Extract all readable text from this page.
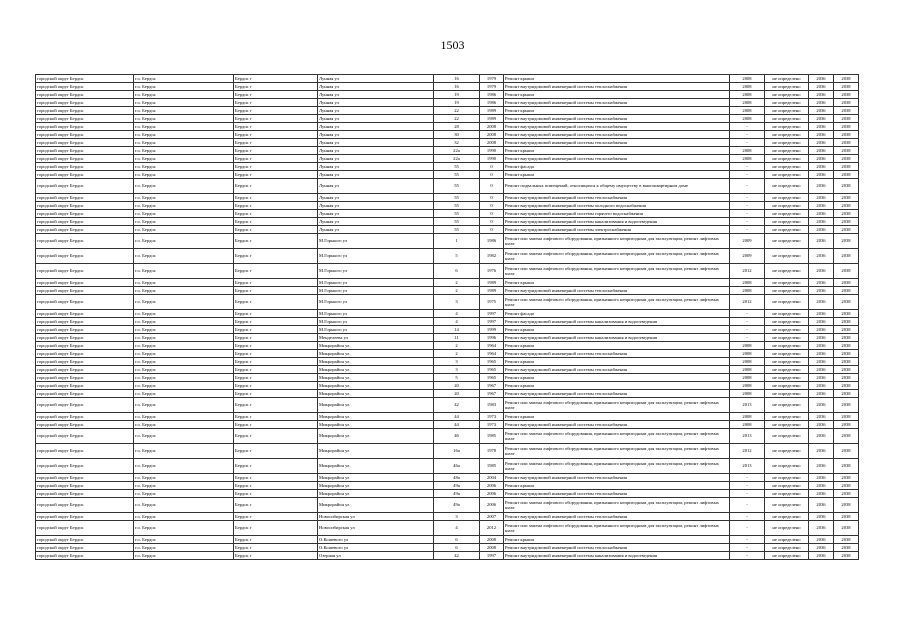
1503
городской округ Бердск	г.о. Бердск	Бердск г	Лунная ул	16	1979	Ремонт крыши	2008	не определено	2036	2038
городской округ Бердск	г.о. Бердск	Бердск г	Лунная ул	16	1979	Ремонт внутридомовой инженерной системы теплоснабжения	2008	не определено	2036	2038
городской округ Бердск	г.о. Бердск	Бердск г	Лунная ул	19	1986	Ремонт крыши	2008	не определено	2036	2038
городской округ Бердск	г.о. Бердск	Бердск г	Лунная ул	19	1986	Ремонт внутридомовой инженерной системы теплоснабжения	2008	не определено	2036	2038
городской округ Бердск	г.о. Бердск	Бердск г	Лунная ул	22	1989	Ремонт крыши	2008	не определено	2036	2038
городской округ Бердск	г.о. Бердск	Бердск г	Лунная ул	22	1989	Ремонт внутридомовой инженерной системы теплоснабжения	2008	не определено	2036	2038
городской округ Бердск	г.о. Бердск	Бердск г	Лунная ул	28	2008	Ремонт внутридомовой инженерной системы теплоснабжения	-	не определено	2036	2038
городской округ Бердск	г.о. Бердск	Бердск г	Лунная ул	30	2008	Ремонт внутридомовой инженерной системы теплоснабжения	-	не определено	2036	2038
городской округ Бердск	г.о. Бердск	Бердск г	Лунная ул	32	2008	Ремонт внутридомовой инженерной системы теплоснабжения	-	не определено	2036	2038
городской округ Бердск	г.о. Бердск	Бердск г	Лунная ул	22а	1990	Ремонт крыши	2008	не определено	2036	2038
городской округ Бердск	г.о. Бердск	Бердск г	Лунная ул	22а	1990	Ремонт внутридомовой инженерной системы теплоснабжения	2008	не определено	2036	2038
городской округ Бердск	г.о. Бердск	Бердск г	Лунная ул	55	0	Ремонт фасада	-	не определено	2036	2038
городской округ Бердск	г.о. Бердск	Бердск г	Лунная ул	55	0	Ремонт крыши	-	не определено	2036	2038
городской округ Бердск	г.о. Бердск	Бердск г	Лунная ул	55	0	Ремонт подвальных помещений, относящихся к общему имуществу в многоквартирном доме	-	не определено	2036	2038
городской округ Бердск	г.о. Бердск	Бердск г	Лунная ул	55	0	Ремонт внутридомовой инженерной системы теплоснабжения	-	не определено	2036	2038
городской округ Бердск	г.о. Бердск	Бердск г	Лунная ул	55	0	Ремонт внутридомовой инженерной системы холодного водоснабжения	-	не определено	2036	2038
городской округ Бердск	г.о. Бердск	Бердск г	Лунная ул	55	0	Ремонт внутридомовой инженерной системы горячего водоснабжения	-	не определено	2036	2038
городской округ Бердск	г.о. Бердск	Бердск г	Лунная ул	55	0	Ремонт внутридомовой инженерной системы канализования и водоотведения	-	не определено	2036	2038
городской округ Бердск	г.о. Бердск	Бердск г	Лунная ул	55	0	Ремонт внутридомовой инженерной системы электроснабжения	-	не определено	2036	2038
городской округ Бердск	г.о. Бердск	Бердск г	М.Горького ул	1	1986	Ремонт или замена лифтового оборудования, признанного непригодным для эксплуатации, ремонт лифтовых шахт	2009	не определено	2036	2038
городской округ Бердск	г.о. Бердск	Бердск г	М.Горького ул	5	1982	Ремонт или замена лифтового оборудования, признанного непригодным для эксплуатации, ремонт лифтовых шахт	2009	не определено	2036	2038
городской округ Бердск	г.о. Бердск	Бердск г	М.Горького ул	6	1976	Ремонт или замена лифтового оборудования, признанного непригодным для эксплуатации, ремонт лифтовых шахт	2012	не определено	2036	2038
городской округ Бердск	г.о. Бердск	Бердск г	М.Горького ул	2	1989	Ремонт крыши	2008	не определено	2036	2038
городской округ Бердск	г.о. Бердск	Бердск г	М.Горького ул	2	1989	Ремонт внутридомовой инженерной системы теплоснабжения	2008	не определено	2036	2038
городской округ Бердск	г.о. Бердск	Бердск г	М.Горького ул	3	1975	Ремонт или замена лифтового оборудования, признанного непригодным для эксплуатации, ремонт лифтовых шахт	2012	не определено	2036	2038
городской округ Бердск	г.о. Бердск	Бердск г	М.Горького ул	4	1997	Ремонт фасада	-	не определено	2036	2038
городской округ Бердск	г.о. Бердск	Бердск г	М.Горького ул	4	1997	Ремонт внутридомовой инженерной системы канализования и водоотведения	-	не определено	2036	2038
городской округ Бердск	г.о. Бердск	Бердск г	М.Горького ул	14	1999	Ремонт крыши	-	не определено	2036	2038
городской округ Бердск	г.о. Бердск	Бердск г	Менделеева ул	11	1996	Ремонт внутридомовой инженерной системы канализования и водоотведения	-	не определено	2036	2038
городской округ Бердск	г.о. Бердск	Бердск г	Микрорайон ул	2	1964	Ремонт крыши	2008	не определено	2036	2038
городской округ Бердск	г.о. Бердск	Бердск г	Микрорайон ул	2	1964	Ремонт внутридомовой инженерной системы теплоснабжения	2008	не определено	2036	2038
городской округ Бердск	г.о. Бердск	Бердск г	Микрорайон ул	3	1965	Ремонт крыши	2008	не определено	2036	2038
городской округ Бердск	г.о. Бердск	Бердск г	Микрорайон ул	3	1965	Ремонт внутридомовой инженерной системы теплоснабжения	2008	не определено	2036	2038
городской округ Бердск	г.о. Бердск	Бердск г	Микрорайон ул	5	1965	Ремонт крыши	2008	не определено	2036	2038
городской округ Бердск	г.о. Бердск	Бердск г	Микрорайон ул	20	1967	Ремонт крыши	2008	не определено	2036	2038
городской округ Бердск	г.о. Бердск	Бердск г	Микрорайон ул	20	1967	Ремонт внутридомовой инженерной системы теплоснабжения	2008	не определено	2036	2038
городской округ Бердск	г.о. Бердск	Бердск г	Микрорайон ул	42	1983	Ремонт или замена лифтового оборудования, признанного непригодным для эксплуатации, ремонт лифтовых шахт	2013	не определено	2036	2038
городской округ Бердск	г.о. Бердск	Бердск г	Микрорайон ул	44	1973	Ремонт крыши	2008	не определено	2036	2038
городской округ Бердск	г.о. Бердск	Бердск г	Микрорайон ул	44	1973	Ремонт внутридомовой инженерной системы теплоснабжения	2008	не определено	2036	2038
городской округ Бердск	г.о. Бердск	Бердск г	Микрорайон ул	46	1985	Ремонт или замена лифтового оборудования, признанного непригодным для эксплуатации, ремонт лифтовых шахт	2013	не определено	2036	2038
городской округ Бердск	г.о. Бердск	Бердск г	Микрорайон ул	16а	1978	Ремонт или замена лифтового оборудования, признанного непригодным для эксплуатации, ремонт лифтовых шахт	2012	не определено	2036	2038
городской округ Бердск	г.о. Бердск	Бердск г	Микрорайон ул	46а	1985	Ремонт или замена лифтового оборудования, признанного непригодным для эксплуатации, ремонт лифтовых шахт	2013	не определено	2036	2038
городской округ Бердск	г.о. Бердск	Бердск г	Микрорайон ул	48а	2004	Ремонт внутридомовой инженерной системы теплоснабжения	-	не определено	2036	2038
городской округ Бердск	г.о. Бердск	Бердск г	Микрорайон ул	49а	2006	Ремонт крыши	-	не определено	2036	2038
городской округ Бердск	г.о. Бердск	Бердск г	Микрорайон ул	49а	2006	Ремонт внутридомовой инженерной системы теплоснабжения	-	не определено	2036	2038
городской округ Бердск	г.о. Бердск	Бердск г	Микрорайон ул	49а	2006	Ремонт или замена лифтового оборудования, признанного непригодным для эксплуатации, ремонт лифтовых шахт	-	не определено	2036	2038
городской округ Бердск	г.о. Бердск	Бердск г	Новосибирская ул	3	2007	Ремонт внутридомовой инженерной системы теплоснабжения	-	не определено	2036	2038
городской округ Бердск	г.о. Бердск	Бердск г	Новосибирская ул	4	2012	Ремонт или замена лифтового оборудования, признанного непригодным для эксплуатации, ремонт лифтовых шахт	-	не определено	2036	2038
городской округ Бердск	г.о. Бердск	Бердск г	О.Кошевого ул	6	2008	Ремонт крыши	-	не определено	2036	2038
городской округ Бердск	г.о. Бердск	Бердск г	О.Кошевого ул	6	2008	Ремонт внутридомовой инженерной системы теплоснабжения	-	не определено	2036	2038
городской округ Бердск	г.о. Бердск	Бердск г	Озерная ул	42	1997	Ремонт внутридомовой инженерной системы канализования и водоотведения	-	не определено	2036	2038
